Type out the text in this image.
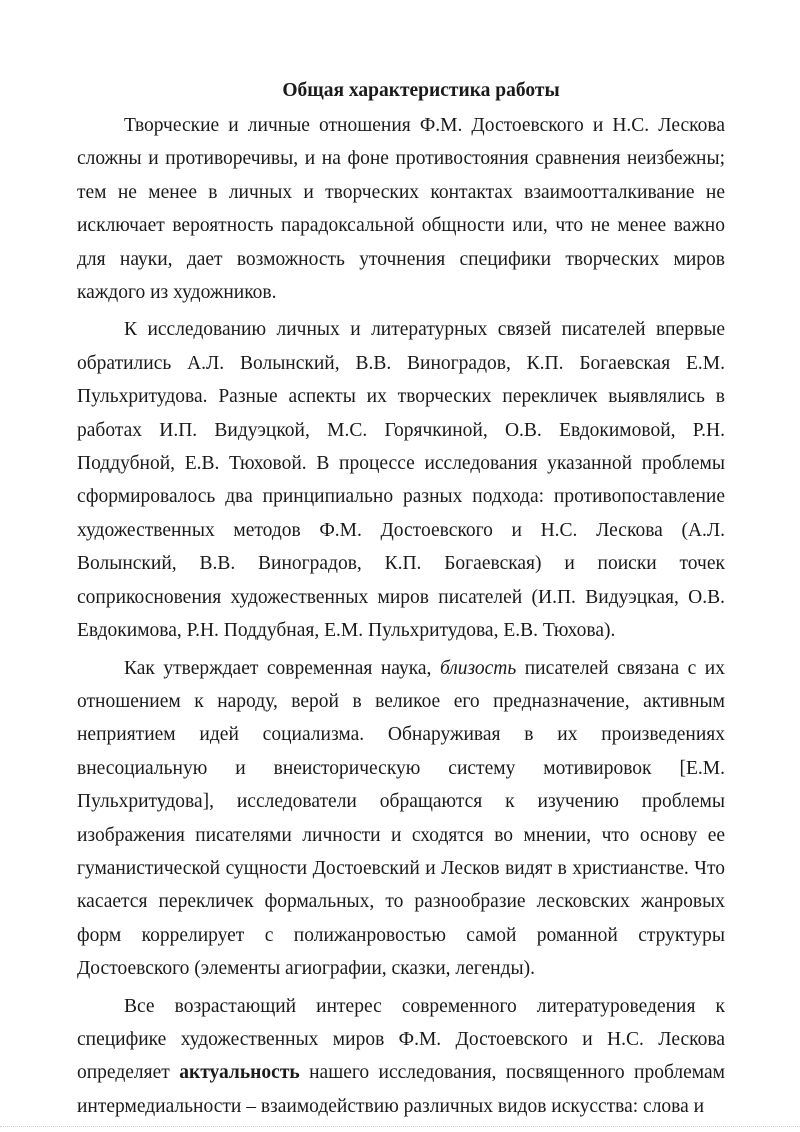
Общая характеристика работы

Творческие и личные отношения Ф.М. Достоевского и Н.С. Лескова сложны и противоречивы, и на фоне противостояния сравнения неизбежны; тем не менее в личных и творческих контактах взаимоотталкивание не исключает вероятность парадоксальной общности или, что не менее важно для науки, дает возможность уточнения специфики творческих миров каждого из художников.

К исследованию личных и литературных связей писателей впервые обратились А.Л. Волынский, В.В. Виноградов, К.П. Богаевская Е.М. Пульхритудова. Разные аспекты их творческих перекличек выявлялись в работах И.П. Видуэцкой, М.С. Горячкиной, О.В. Евдокимовой, Р.Н. Поддубной, Е.В. Тюховой. В процессе исследования указанной проблемы сформировалось два принципиально разных подхода: противопоставление художественных методов Ф.М. Достоевского и Н.С. Лескова (А.Л. Волынский, В.В. Виноградов, К.П. Богаевская) и поиски точек соприкосновения художественных миров писателей (И.П. Видуэцкая, О.В. Евдокимова, Р.Н. Поддубная, Е.М. Пульхритудова, Е.В. Тюхова).

Как утверждает современная наука, близость писателей связана с их отношением к народу, верой в великое его предназначение, активным неприятием идей социализма. Обнаруживая в их произведениях внесоциальную и внеисторическую систему мотивировок [Е.М. Пульхритудова], исследователи обращаются к изучению проблемы изображения писателями личности и сходятся во мнении, что основу ее гуманистической сущности Достоевский и Лесков видят в христианстве. Что касается перекличек формальных, то разнообразие лесковских жанровых форм коррелирует с полижанровостью самой романной структуры Достоевского (элементы агиографии, сказки, легенды).

Все возрастающий интерес современного литературоведения к специфике художественных миров Ф.М. Достоевского и Н.С. Лескова определяет актуальность нашего исследования, посвященного проблемам интермедиальности – взаимодействию различных видов искусства: слова и
